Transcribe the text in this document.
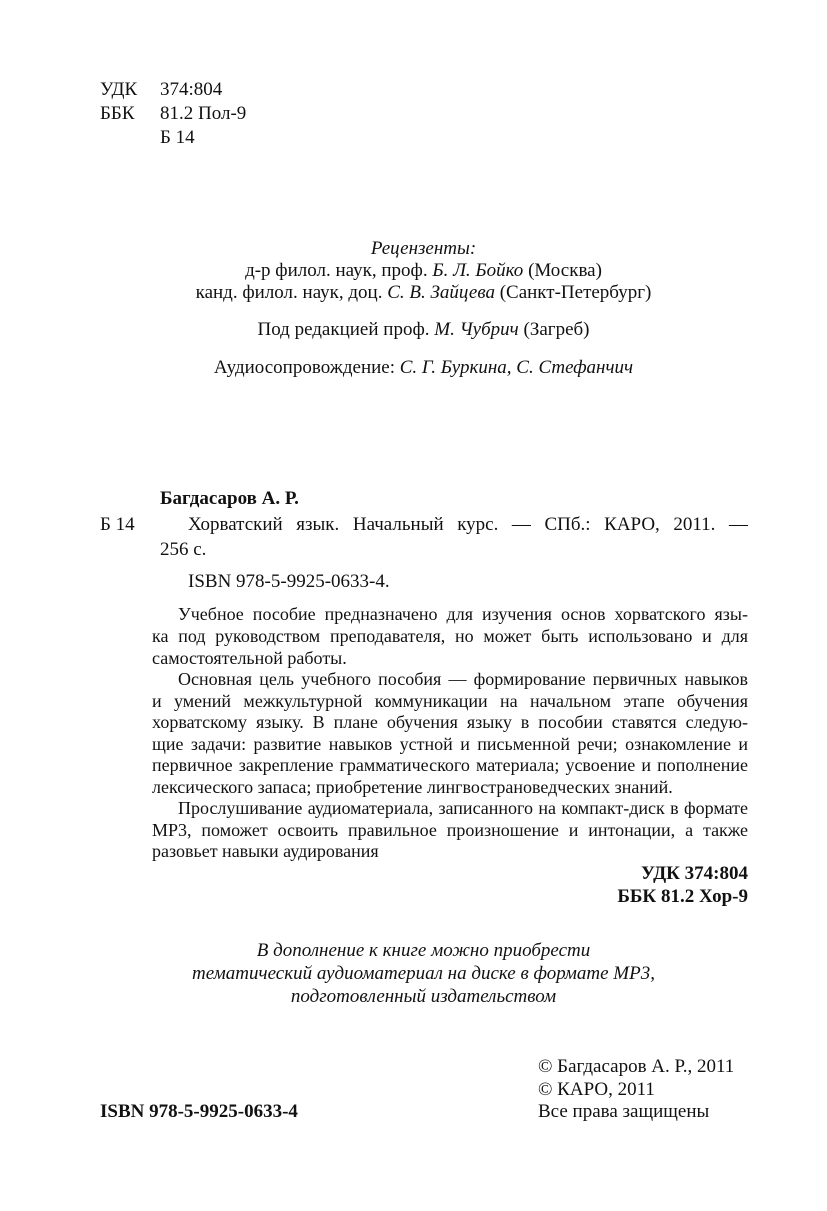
УДК 374:804
ББК 81.2 Пол-9
Б 14
Рецензенты:
д-р филол. наук, проф. Б. Л. Бойко (Москва)
канд. филол. наук, доц. С. В. Зайцева (Санкт-Петербург)
Под редакцией проф. М. Чубрич (Загреб)
Аудиосопровождение: С. Г. Буркина, С. Стефанчич
Багдасаров А. Р.
Б 14	Хорватский язык. Начальный курс. — СПб.: КАРО, 2011. —
256 с.
ISBN 978-5-9925-0633-4.
Учебное пособие предназначено для изучения основ хорватского язы-
ка под руководством преподавателя, но может быть использовано и для
самостоятельной работы.
Основная цель учебного пособия — формирование первичных навыков
и умений межкультурной коммуникации на начальном этапе обучения
хорватскому языку. В плане обучения языку в пособии ставятся следую-
щие задачи: развитие навыков устной и письменной речи; ознакомление и
первичное закрепление грамматического материала; усвоение и пополнение
лексического запаса; приобретение лингвострановедческих знаний.
Прослушивание аудиоматериала, записанного на компакт-диск в формате
MP3, поможет освоить правильное произношение и интонации, а также
разовьет навыки аудирования
УДК 374:804
ББК 81.2 Хор-9
В дополнение к книге можно приобрести
тематический аудиоматериал на диске в формате MP3,
подготовленный издательством
© Багдасаров А. Р., 2011
© КАРО, 2011
ISBN 978-5-9925-0633-4	Все права защищены
